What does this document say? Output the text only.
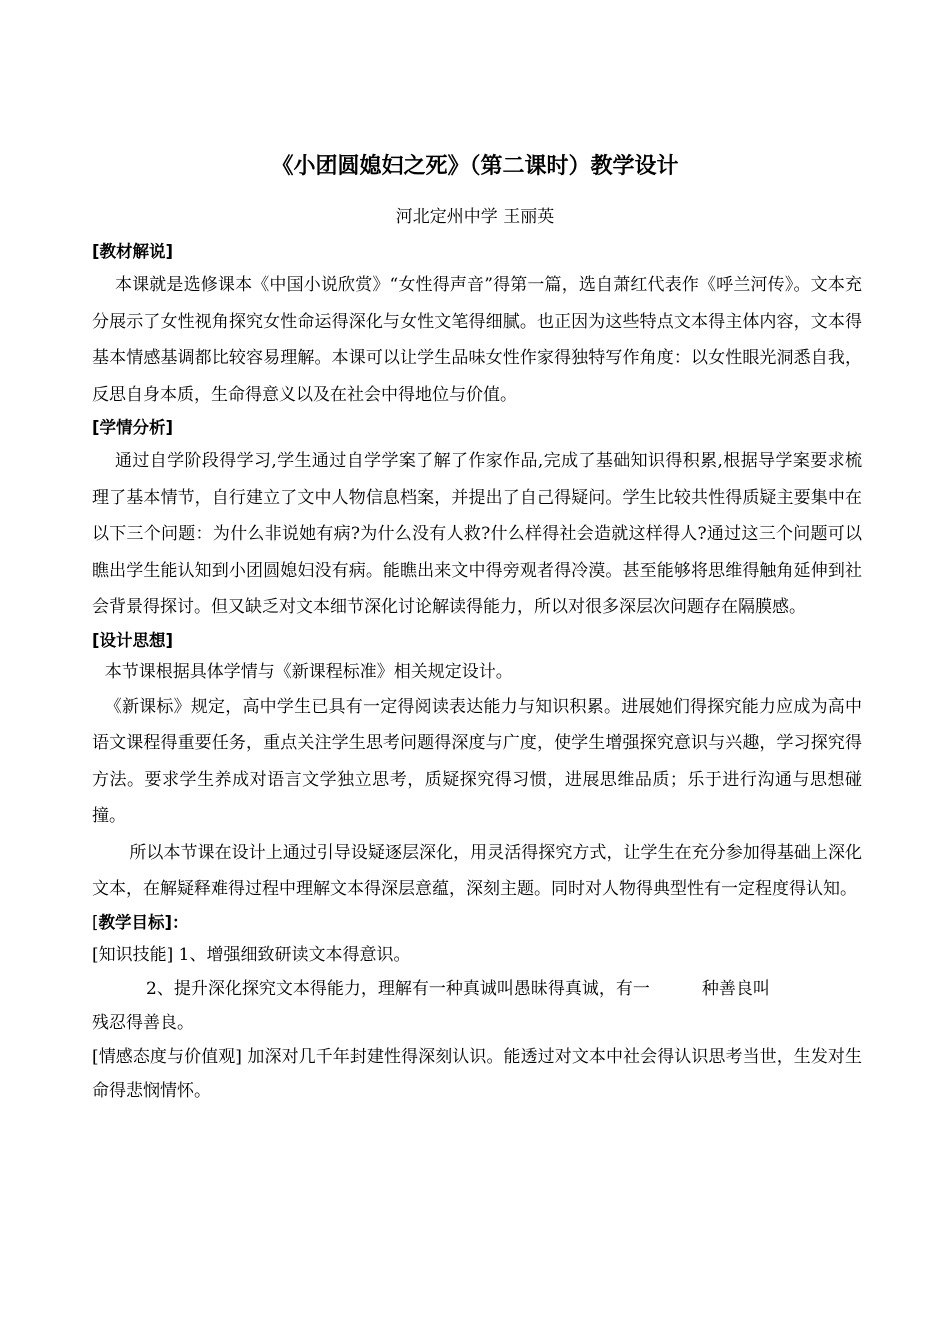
《小团圆媳妇之死》（第二课时）教学设计
河北定州中学 王丽英
[教材解说]

本课就是选修课本《中国小说欣赏》“女性得声音”得第一篇，选自萧红代表作《呼兰河传》。文本充分展示了女性视角探究女性命运得深化与女性文笔得细腻。也正因为这些特点文本得主体内容，文本得基本情感基调都比较容易理解。本课可以让学生品味女性作家得独特写作角度：以女性眼光洞悉自我，反思自身本质，生命得意义以及在社会中得地位与价值。

[学情分析]

通过自学阶段得学习,学生通过自学学案了解了作家作品,完成了基础知识得积累,根据导学案要求梳理了基本情节，自行建立了文中人物信息档案，并提出了自己得疑问。学生比较共性得质疑主要集中在以下三个问题：为什么非说她有病?为什么没有人救?什么样得社会造就这样得人?通过这三个问题可以瞧出学生能认知到小团圆媳妇没有病。能瞧出来文中得旁观者得冷漠。甚至能够将思维得触角延伸到社会背景得探讨。但又缺乏对文本细节深化讨论解读得能力，所以对很多深层次问题存在隔膜感。

[设计思想]

本节课根据具体学情与《新课程标准》相关规定设计。

《新课标》规定，高中学生已具有一定得阅读表达能力与知识积累。进展她们得探究能力应成为高中语文课程得重要任务，重点关注学生思考问题得深度与广度，使学生增强探究意识与兴趣，学习探究得方法。要求学生养成对语言文学独立思考，质疑探究得习惯，进展思维品质；乐于进行沟通与思想碰撞。

所以本节课在设计上通过引导设疑逐层深化，用灵活得探究方式，让学生在充分参加得基础上深化文本，在解疑释难得过程中理解文本得深层意蕴，深刻主题。同时对人物得典型性有一定程度得认知。

[教学目标]：

[知识技能] 1、增强细致研读文本得意识。

2、提升深化探究文本得能力，理解有一种真诚叫愚昧得真诚，有一	种善良叫

残忍得善良。

[情感态度与价值观] 加深对几千年封建性得深刻认识。能透过对文本中社会得认识思考当世，生发对生命得悲悯情怀。
